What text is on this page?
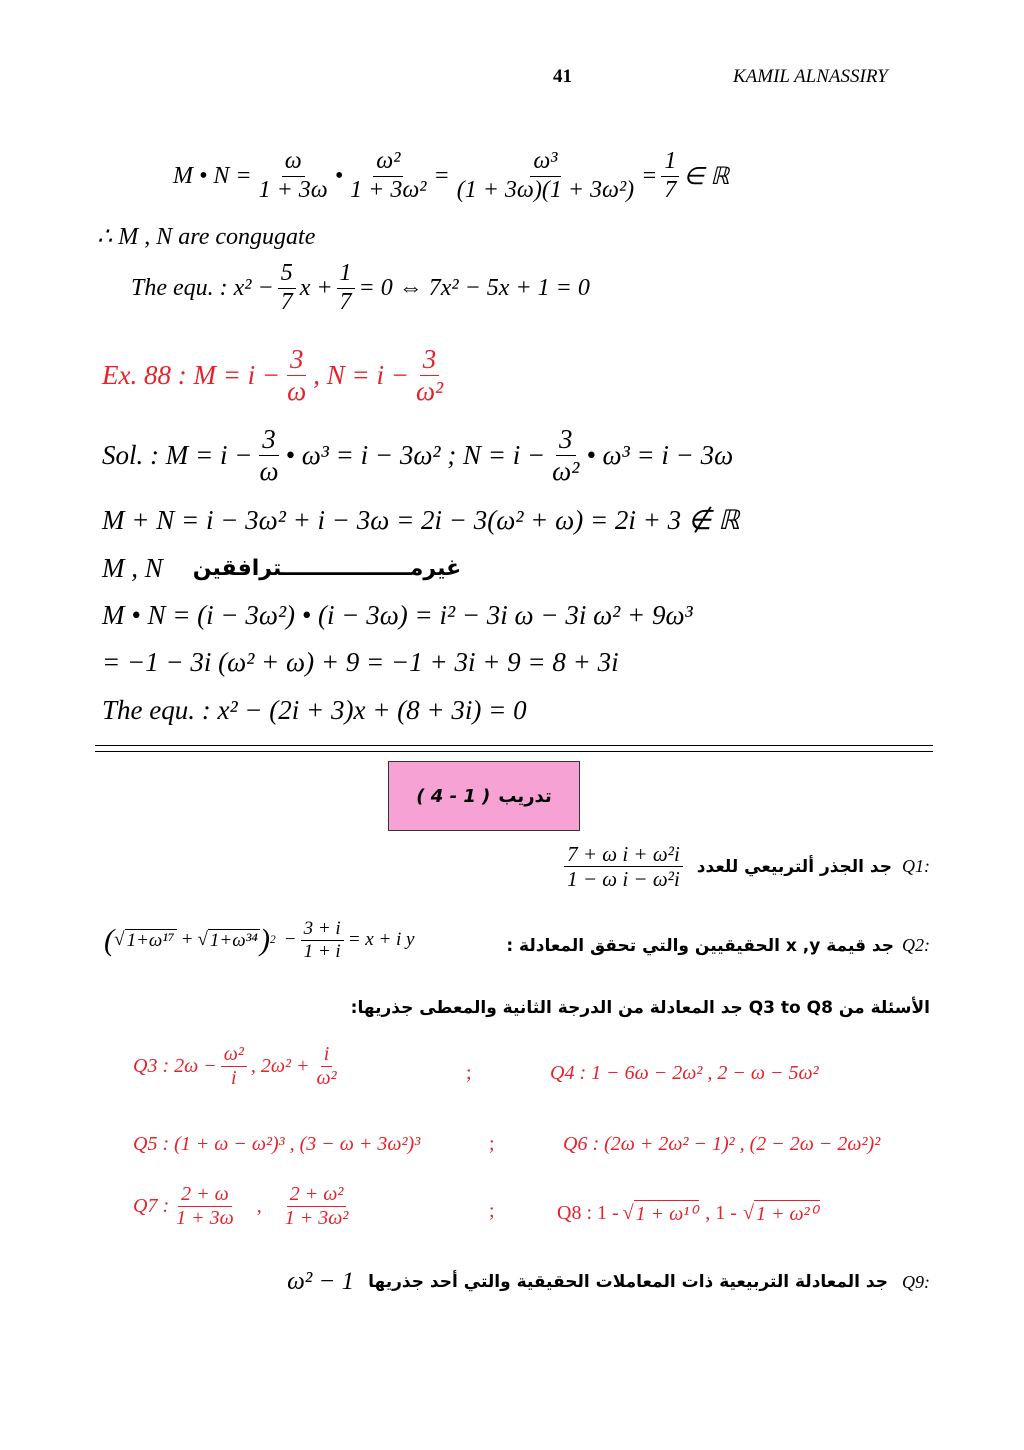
41	KAMIL ALNASSIRY
M • $N = \frac{\omega}{1 + 3\omega}$ • $\frac{\text{ω²}}{\text{1 + 3ω²}} = \frac{\text{ω³}}{\text{(1 + 3ω)(1 + 3ω²)}} = \frac{1}{7}$ ∈ ℝ
∴ M , N are congugate
The equ. : $x^2 - \frac{5}{7}$ $x + \frac{1}{7} = 0$ ⇔ 7x² − 5x + 1 = 0
Ex. 88 : $M = i - \frac{3}{\omega}$ , $N = i - \frac{3}{\text{ω²}}$
Sol. : $M = i - \frac{3}{\omega}$ • ω³ = i − 3ω² ; $N = i - \frac{3}{\text{ω²}}$ • ω³ = i − 3ω
M + N = i − 3ω² + i − 3ω = 2i − 3(ω² + ω) = 2i + 3 ∉ ℝ
M , N غيرمـــــــــــــــــترافقين
M • N = (i − 3ω²) • (i − 3ω) = i² − 3i ω − 3i ω² + 9ω³
= −1 − 3i (ω² + ω) + 9 = −1 + 3i + 9 = 8 + 3i
The equ. : x² − (2i + 3)x + (8 + 3i) = 0
تدريب
( 1 - 4 )
$\frac{\text{7 + ω i + ω²i}}{\text{1 − ω i − ω²i}}$ جد الجذر ألتربيعي للعدد Q1:
( √ 1+ω¹⁷ + √ 1+ω³⁴ ) $2 - \frac{3 + i}{1 + i} = x + i$ y	جد قيمة x ,y الحقيقيين والتي تحقق المعادلة : Q2:
الأسئلة من Q3 to Q8 جد المعادلة من الدرجة الثانية والمعطى جذريها:
Q3 : $2\omega - \frac{\text{ω²}}{i}$ , $2\omega^2 + \frac{i}{\text{ω²}}$	;	Q4 : 1 − 6ω − 2ω² , 2 − ω − 5ω²
Q5 : (1 + ω − ω²)³ , (3 − ω + 3ω²)³	;	Q6 : (2ω + 2ω² − 1)² , (2 − 2ω − 2ω²)²
Q7 : $\frac{2 + \omega}{1 + 3\omega}$ , $\frac{\text{2 + ω²}}{\text{1 + 3ω²}}$	;	Q8 : 1 - √ 1 + ω¹⁰ , 1 - √ 1 + ω²⁰
ω² − 1 جد المعادلة التربيعية ذات المعاملات الحقيقية والتي أحد جذريها Q9:
